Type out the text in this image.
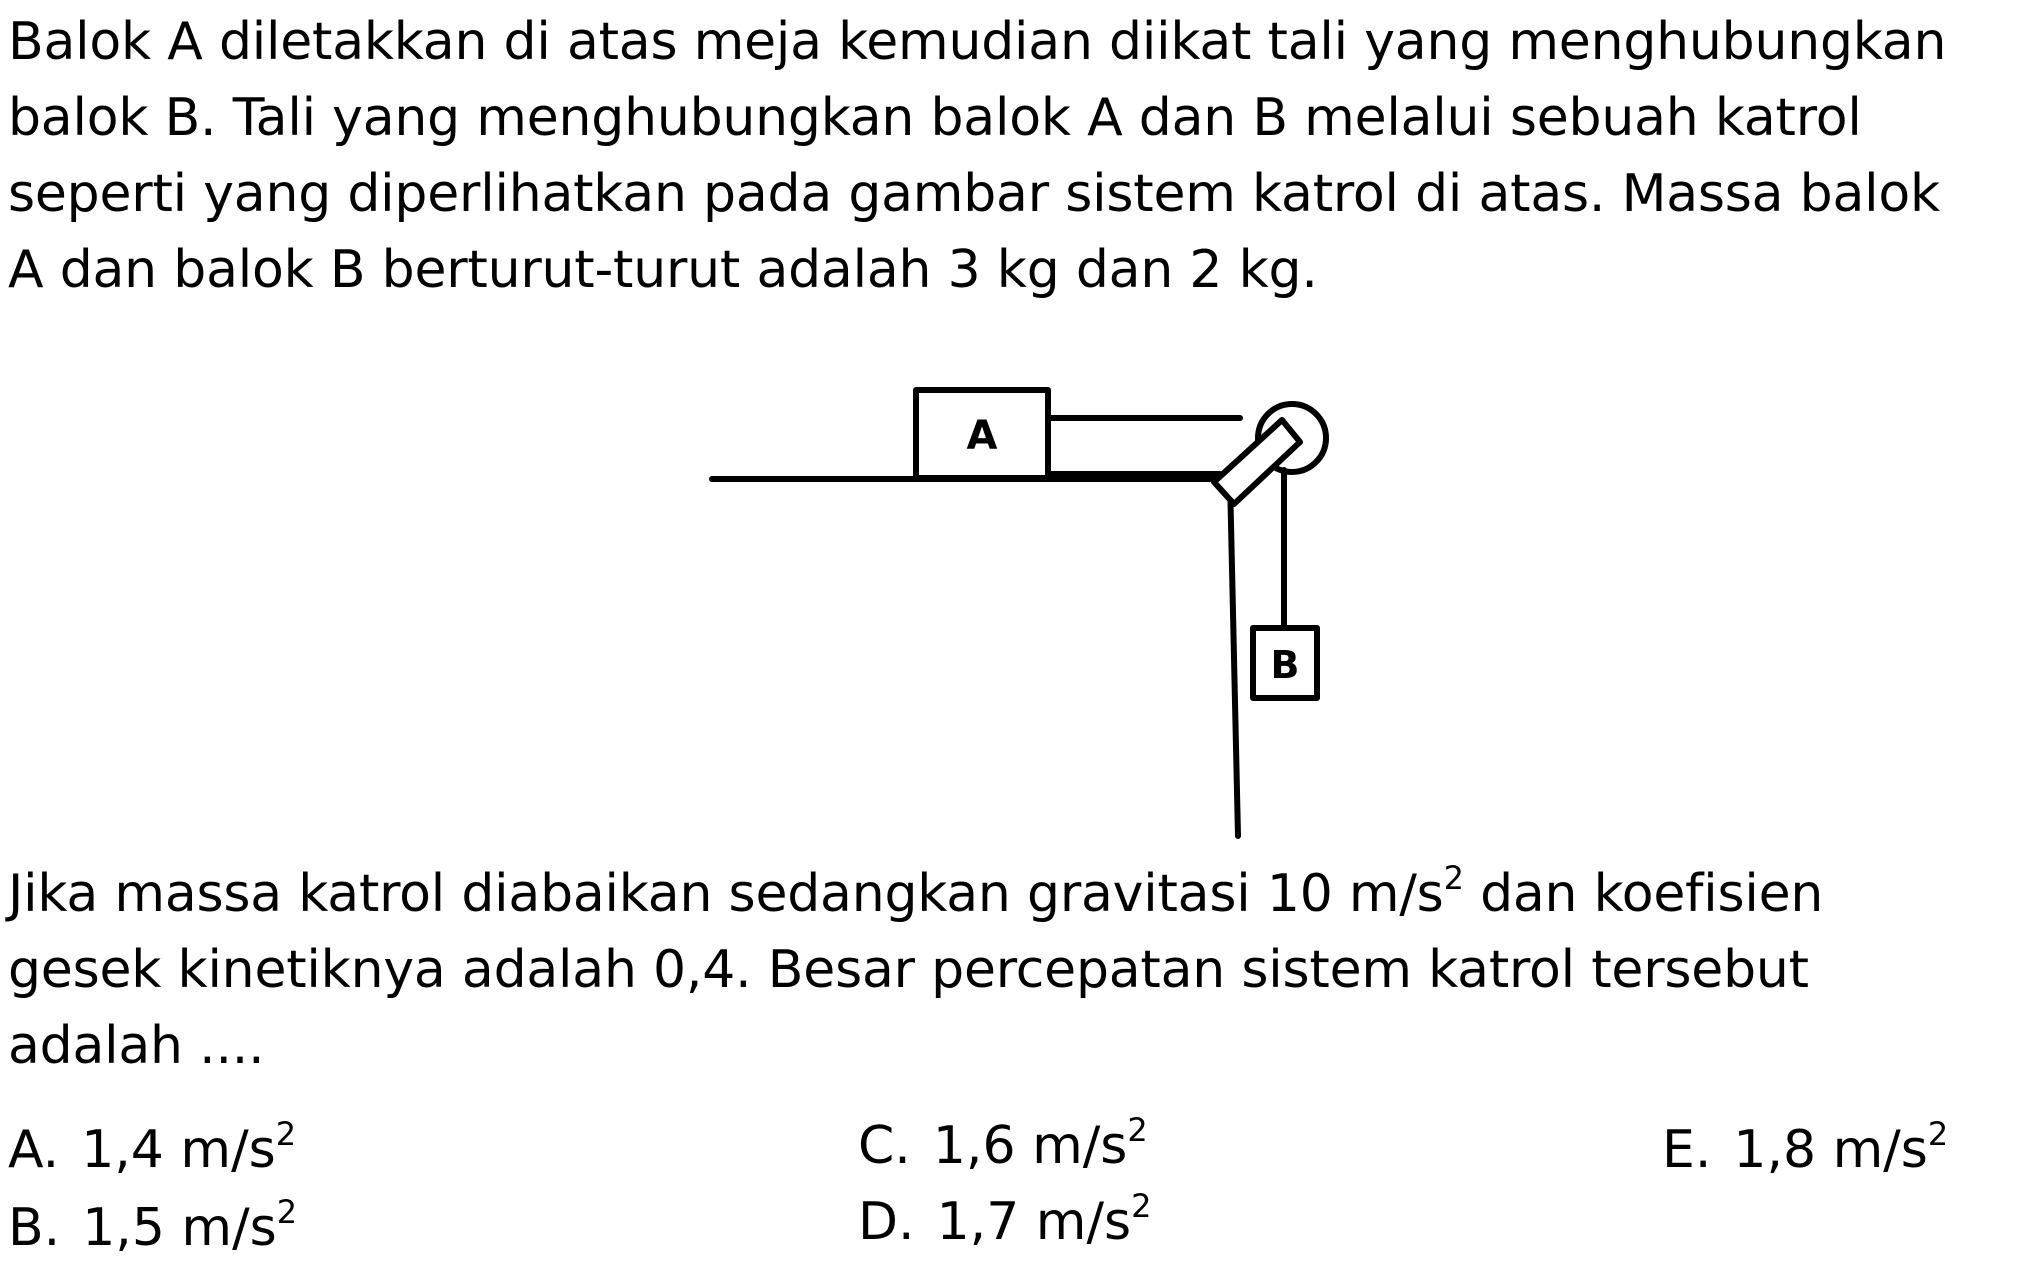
Balok A diletakkan di atas meja kemudian diikat tali yang menghubungkan
balok B. Tali yang menghubungkan balok A dan B melalui sebuah katrol
seperti yang diperlihatkan pada gambar sistem katrol di atas. Massa balok
A dan balok B berturut-turut adalah 3 kg dan 2 kg.
A
B
Jika massa katrol diabaikan sedangkan gravitasi 10 $m/s^2$ dan koefisien
gesek kinetiknya adalah 0,4. Besar percepatan sistem katrol tersebut
adalah ....
A. 1,4 $m/s^2$
B. 1,5 $m/s^2$
C. 1,6 $m/s^2$
D. 1,7 $m/s^2$
E. 1,8 $m/s^2$
